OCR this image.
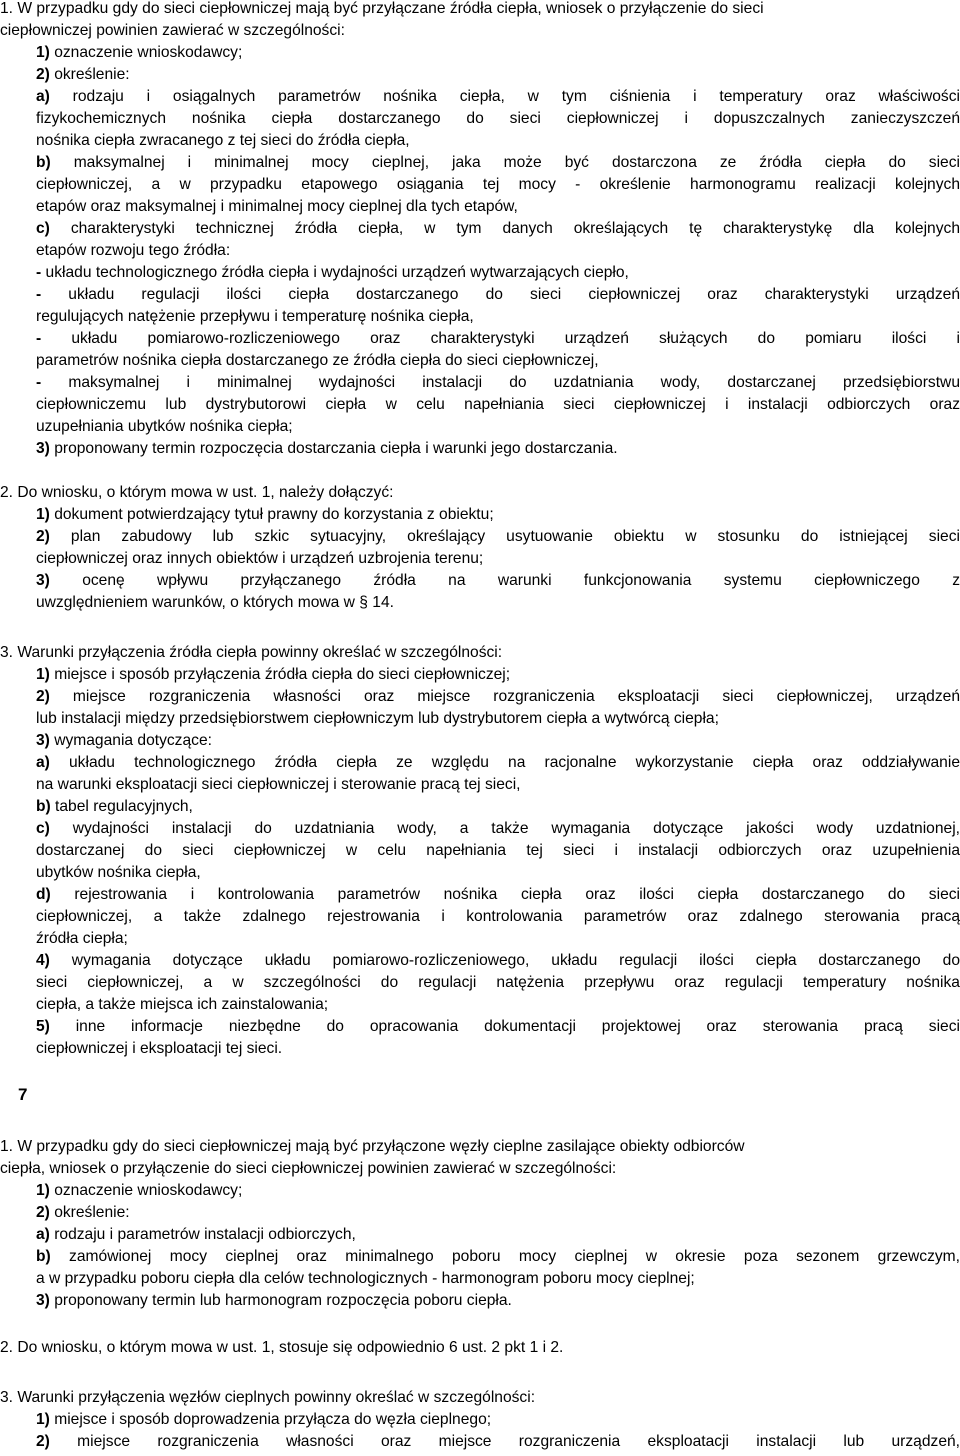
1. W przypadku gdy do sieci ciepłowniczej mają być przyłączane źródła ciepła, wniosek o przyłączenie do sieci
ciepłowniczej powinien zawierać w szczególności:
1) oznaczenie wnioskodawcy;
2) określenie:
a) rodzaju i osiągalnych parametrów nośnika ciepła, w tym ciśnienia i temperatury oraz właściwości
fizykochemicznych nośnika ciepła dostarczanego do sieci ciepłowniczej i dopuszczalnych zanieczyszczeń
nośnika ciepła zwracanego z tej sieci do źródła ciepła,
b) maksymalnej i minimalnej mocy cieplnej, jaka może być dostarczona ze źródła ciepła do sieci
ciepłowniczej, a w przypadku etapowego osiągania tej mocy - określenie harmonogramu realizacji kolejnych
etapów oraz maksymalnej i minimalnej mocy cieplnej dla tych etapów,
c) charakterystyki technicznej źródła ciepła, w tym danych określających tę charakterystykę dla kolejnych
etapów rozwoju tego źródła:
- układu technologicznego źródła ciepła i wydajności urządzeń wytwarzających ciepło,
- układu regulacji ilości ciepła dostarczanego do sieci ciepłowniczej oraz charakterystyki urządzeń
regulujących natężenie przepływu i temperaturę nośnika ciepła,
- układu pomiarowo-rozliczeniowego oraz charakterystyki urządzeń służących do pomiaru ilości i
parametrów nośnika ciepła dostarczanego ze źródła ciepła do sieci ciepłowniczej,
- maksymalnej i minimalnej wydajności instalacji do uzdatniania wody, dostarczanej przedsiębiorstwu
ciepłowniczemu lub dystrybutorowi ciepła w celu napełniania sieci ciepłowniczej i instalacji odbiorczych oraz
uzupełniania ubytków nośnika ciepła;
3) proponowany termin rozpoczęcia dostarczania ciepła i warunki jego dostarczania.
2. Do wniosku, o którym mowa w ust. 1, należy dołączyć:
1) dokument potwierdzający tytuł prawny do korzystania z obiektu;
2) plan zabudowy lub szkic sytuacyjny, określający usytuowanie obiektu w stosunku do istniejącej sieci
ciepłowniczej oraz innych obiektów i urządzeń uzbrojenia terenu;
3) ocenę wpływu przyłączanego źródła na warunki funkcjonowania systemu ciepłowniczego z
uwzględnieniem warunków, o których mowa w § 14.
3. Warunki przyłączenia źródła ciepła powinny określać w szczególności:
1) miejsce i sposób przyłączenia źródła ciepła do sieci ciepłowniczej;
2) miejsce rozgraniczenia własności oraz miejsce rozgraniczenia eksploatacji sieci ciepłowniczej, urządzeń
lub instalacji między przedsiębiorstwem ciepłowniczym lub dystrybutorem ciepła a wytwórcą ciepła;
3) wymagania dotyczące:
a) układu technologicznego źródła ciepła ze względu na racjonalne wykorzystanie ciepła oraz oddziaływanie
na warunki eksploatacji sieci ciepłowniczej i sterowanie pracą tej sieci,
b) tabel regulacyjnych,
c) wydajności instalacji do uzdatniania wody, a także wymagania dotyczące jakości wody uzdatnionej,
dostarczanej do sieci ciepłowniczej w celu napełniania tej sieci i instalacji odbiorczych oraz uzupełnienia
ubytków nośnika ciepła,
d) rejestrowania i kontrolowania parametrów nośnika ciepła oraz ilości ciepła dostarczanego do sieci
ciepłowniczej, a także zdalnego rejestrowania i kontrolowania parametrów oraz zdalnego sterowania pracą
źródła ciepła;
4) wymagania dotyczące układu pomiarowo-rozliczeniowego, układu regulacji ilości ciepła dostarczanego do
sieci ciepłowniczej, a w szczególności do regulacji natężenia przepływu oraz regulacji temperatury nośnika
ciepła, a także miejsca ich zainstalowania;
5) inne informacje niezbędne do opracowania dokumentacji projektowej oraz sterowania pracą sieci
ciepłowniczej i eksploatacji tej sieci.
7
1. W przypadku gdy do sieci ciepłowniczej mają być przyłączone węzły cieplne zasilające obiekty odbiorców
ciepła, wniosek o przyłączenie do sieci ciepłowniczej powinien zawierać w szczególności:
1) oznaczenie wnioskodawcy;
2) określenie:
a) rodzaju i parametrów instalacji odbiorczych,
b) zamówionej mocy cieplnej oraz minimalnego poboru mocy cieplnej w okresie poza sezonem grzewczym,
a w przypadku poboru ciepła dla celów technologicznych - harmonogram poboru mocy cieplnej;
3) proponowany termin lub harmonogram rozpoczęcia poboru ciepła.
2. Do wniosku, o którym mowa w ust. 1, stosuje się odpowiednio 6 ust. 2 pkt 1 i 2.
3. Warunki przyłączenia węzłów cieplnych powinny określać w szczególności:
1) miejsce i sposób doprowadzenia przyłącza do węzła cieplnego;
2) miejsce rozgraniczenia własności oraz miejsce rozgraniczenia eksploatacji instalacji lub urządzeń,
